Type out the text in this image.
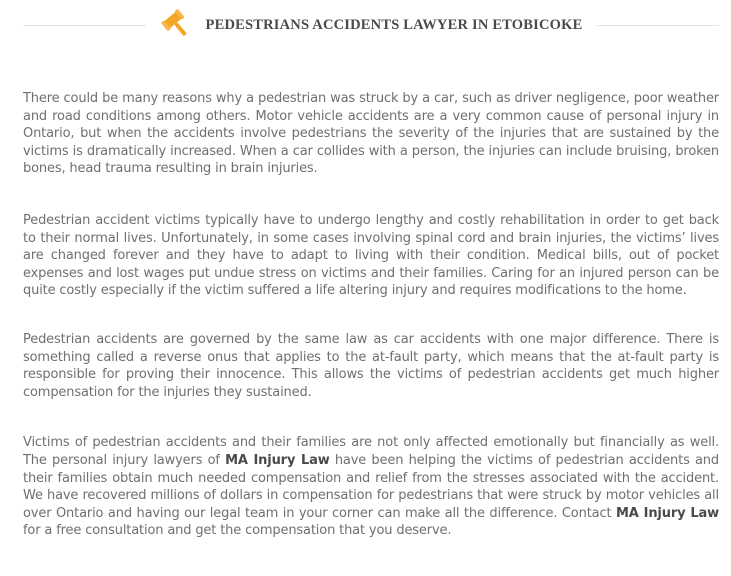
PEDESTRIANS ACCIDENTS LAWYER IN ETOBICOKE

There could be many reasons why a pedestrian was struck by a car, such as driver negligence, poor weather and road conditions among others. Motor vehicle accidents are a very common cause of personal injury in Ontario, but when the accidents involve pedestrians the severity of the injuries that are sustained by the victims is dramatically increased. When a car collides with a person, the injuries can include bruising, broken bones, head trauma resulting in brain injuries.

Pedestrian accident victims typically have to undergo lengthy and costly rehabilitation in order to get back to their normal lives. Unfortunately, in some cases involving spinal cord and brain injuries, the victims’ lives are changed forever and they have to adapt to living with their condition. Medical bills, out of pocket expenses and lost wages put undue stress on victims and their families. Caring for an injured person can be quite costly especially if the victim suffered a life altering injury and requires modifications to the home.

Pedestrian accidents are governed by the same law as car accidents with one major difference. There is something called a reverse onus that applies to the at-fault party, which means that the at-fault party is responsible for proving their innocence. This allows the victims of pedestrian accidents get much higher compensation for the injuries they sustained.

Victims of pedestrian accidents and their families are not only affected emotionally but financially as well. The personal injury lawyers of MA Injury Law have been helping the victims of pedestrian accidents and their families obtain much needed compensation and relief from the stresses associated with the accident. We have recovered millions of dollars in compensation for pedestrians that were struck by motor vehicles all over Ontario and having our legal team in your corner can make all the difference. Contact MA Injury Law for a free consultation and get the compensation that you deserve.
